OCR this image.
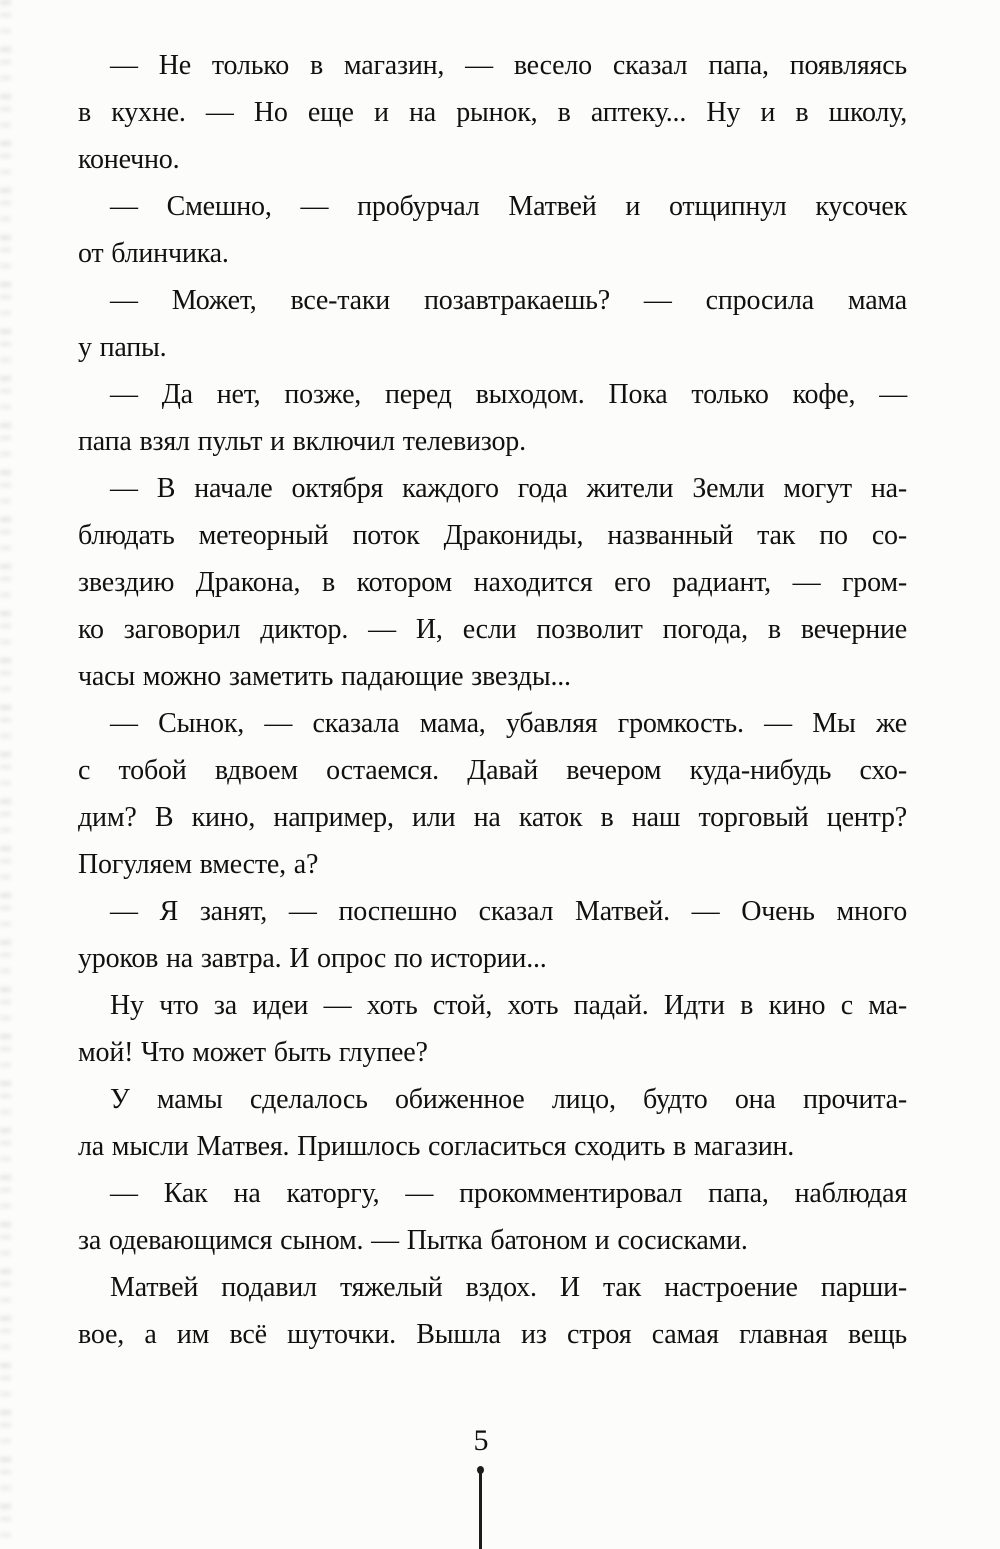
— Не только в магазин, — весело сказал папа, появляясь
в кухне. — Но еще и на рынок, в аптеку... Ну и в школу,
конечно.
— Смешно, — пробурчал Матвей и отщипнул кусочек
от блинчика.
— Может, все-таки позавтракаешь? — спросила мама
у папы.
— Да нет, позже, перед выходом. Пока только кофе, —
папа взял пульт и включил телевизор.
— В начале октября каждого года жители Земли могут на-
блюдать метеорный поток Дракониды, названный так по со-
звездию Дракона, в котором находится его радиант, — гром-
ко заговорил диктор. — И, если позволит погода, в вечерние
часы можно заметить падающие звезды...
— Сынок, — сказала мама, убавляя громкость. — Мы же
с тобой вдвоем остаемся. Давай вечером куда-нибудь схо-
дим? В кино, например, или на каток в наш торговый центр?
Погуляем вместе, а?
— Я занят, — поспешно сказал Матвей. — Очень много
уроков на завтра. И опрос по истории...
Ну что за идеи — хоть стой, хоть падай. Идти в кино с ма-
мой! Что может быть глупее?
У мамы сделалось обиженное лицо, будто она прочита-
ла мысли Матвея. Пришлось согласиться сходить в магазин.
— Как на каторгу, — прокомментировал папа, наблюдая
за одевающимся сыном. — Пытка батоном и сосисками.
Матвей подавил тяжелый вздох. И так настроение парши-
вое, а им всё шуточки. Вышла из строя самая главная вещь
5
